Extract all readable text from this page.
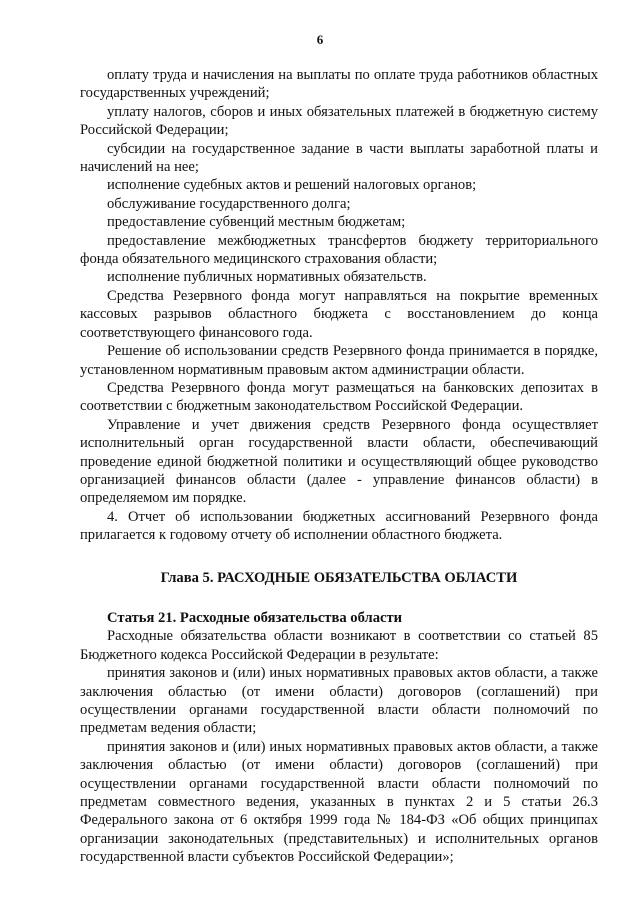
6

оплату труда и начисления на выплаты по оплате труда работников областных государственных учреждений;

уплату налогов, сборов и иных обязательных платежей в бюджетную систему Российской Федерации;

субсидии на государственное задание в части выплаты заработной платы и начислений на нее;

исполнение судебных актов и решений налоговых органов;

обслуживание государственного долга;

предоставление субвенций местным бюджетам;

предоставление межбюджетных трансфертов бюджету территориального фонда обязательного медицинского страхования области;

исполнение публичных нормативных обязательств.

Средства Резервного фонда могут направляться на покрытие временных кассовых разрывов областного бюджета с восстановлением до конца соответствующего финансового года.

Решение об использовании средств Резервного фонда принимается в порядке, установленном нормативным правовым актом администрации области.

Средства Резервного фонда могут размещаться на банковских депозитах в соответствии с бюджетным законодательством Российской Федерации.

Управление и учет движения средств Резервного фонда осуществляет исполнительный орган государственной власти области, обеспечивающий проведение единой бюджетной политики и осуществляющий общее руководство организацией финансов области (далее - управление финансов области) в определяемом им порядке.

4. Отчет об использовании бюджетных ассигнований Резервного фонда прилагается к годовому отчету об исполнении областного бюджета.

Глава 5. РАСХОДНЫЕ ОБЯЗАТЕЛЬСТВА ОБЛАСТИ

Статья 21. Расходные обязательства области

Расходные обязательства области возникают в соответствии со статьей 85 Бюджетного кодекса Российской Федерации в результате:

принятия законов и (или) иных нормативных правовых актов области, а также заключения областью (от имени области) договоров (соглашений) при осуществлении органами государственной власти области полномочий по предметам ведения области;

принятия законов и (или) иных нормативных правовых актов области, а также заключения областью (от имени области) договоров (соглашений) при осуществлении органами государственной власти области полномочий по предметам совместного ведения, указанных в пунктах 2 и 5 статьи 26.3 Федерального закона от 6 октября 1999 года № 184-ФЗ «Об общих принципах организации законодательных (представительных) и исполнительных органов государственной власти субъектов Российской Федерации»;
